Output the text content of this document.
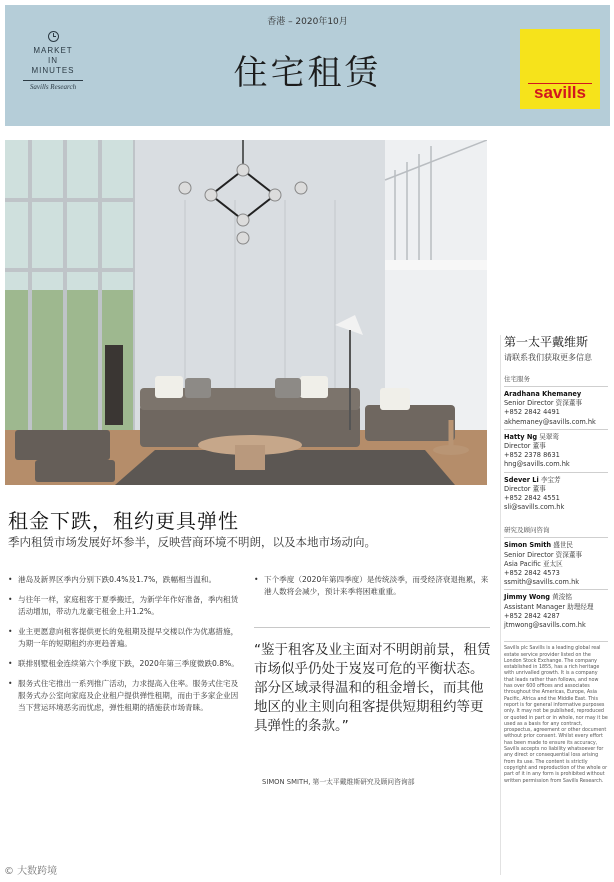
MARKET
IN
MINUTES
Savills Research
香港 – 2020年10月
住宅租赁	savills
第一太平戴维斯
请联系我们获取更多信息
住宅服务
Aradhana Khemaney
Senior Director 资深董事
+852 2842 4491
akhemaney@savills.com.hk
Hatty Ng 吴翠鸾
Director 董事
+852 2378 8631
hng@savills.com.hk
Sdever Li 李宝芳
Director 董事
+852 2842 4551
sli@savills.com.hk
研究及顾问咨询
Simon Smith 盛世民
Senior Director 资深董事
Asia Pacific 亚太区
+852 2842 4573
ssmith@savills.com.hk
Jimmy Wong 黄浚铭
Assistant Manager 助理经理
+852 2842 4287
jtmwong@savills.com.hk
Savills plc Savills is a leading global real estate service provider listed on the London Stock Exchange. The company established in 1855, has a rich heritage with unrivalled growth. It is a company that leads rather than follows, and now has over 600 offices and associates throughout the Americas, Europe, Asia Pacific, Africa and the Middle East. This report is for general informative purposes only. It may not be published, reproduced or quoted in part or in whole, nor may it be used as a basis for any contract, prospectus, agreement or other document without prior consent. Whilst every effort has been made to ensure its accuracy, Savills accepts no liability whatsoever for any direct or consequential loss arising from its use. The content is strictly copyright and reproduction of the whole or part of it in any form is prohibited without written permission from Savills Research.
租金下跌，租约更具弹性
季内租赁市场发展好坏参半，反映营商环境不明朗，以及本地市场动向。
• 港岛及新界区季内分别下跌0.4%及1.7%，跌幅相当温和。
• 与往年一样，家庭租客于夏季搬迁，为新学年作好准备，季内租赁活动增加，带动九龙豪宅租金上升1.2%。
• 业主更愿意向租客提供更长的免租期及提早交楼以作为优惠措施，为期一年的短期租约亦更趋普遍。
• 联排别墅租金连续第六个季度下跌，2020年第三季度微跌0.8%。
• 服务式住宅推出一系列推广活动，力求提高入住率。服务式住宅及服务式办公室向家庭及企业租户提供弹性租期，而由于多家企业因当下营运环境恶劣而忧虑，弹性租期的措施获市场青睐。
• 下个季度（2020年第四季度）是传统淡季，而受经济衰退拖累，来港人数将会减少，预计来季将困难重重。
“鉴于租客及业主面对不明朗前景，租赁市场似乎仍处于岌岌可危的平衡状态。部分区域录得温和的租金增长，而其他地区的业主则向租客提供短期租约等更具弹性的条款。”
SIMON SMITH, 第一太平戴维斯研究及顾问咨询部
© 大数跨境
